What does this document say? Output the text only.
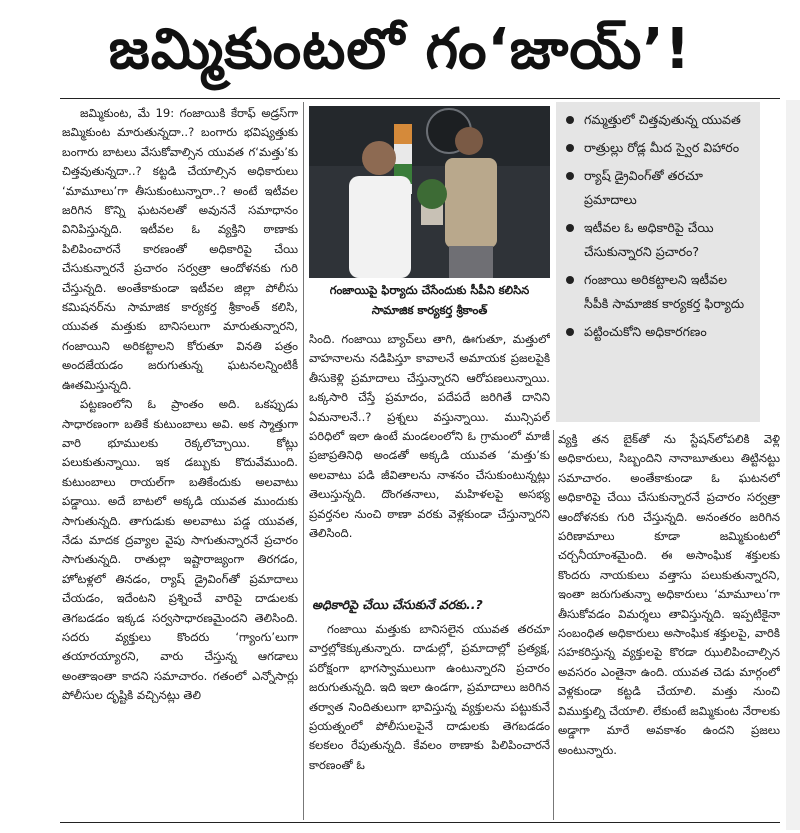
జమ్మికుంటలో గం‘జాయ్’!

జమ్మికుంట, మే 19: గంజాయికి కేరాఫ్ అడ్రస్‌గా జమ్మికుంట మారుతున్నదా..? బంగారు భవిష్యత్తుకు బంగారు బాటలు వేసుకోవాల్సిన యువత గ‘మత్తు’కు చిత్తవుతున్నదా..? కట్టడి చేయాల్సిన అధికారులు ‘మామూలు’గా తీసుకుంటున్నారా..? అంటే ఇటీవల జరిగిన కొన్ని ఘటనలతో అవుననే సమాధానం వినిపిస్తున్నది. ఇటీవల ఓ వ్యక్తిని ఠాణాకు పిలిపించారనే కారణంతో అధికారిపై చేయి చేసుకున్నారనే ప్రచారం సర్వత్రా ఆందోళనకు గురి చేస్తున్నది. అంతేకాకుండా ఇటీవల జిల్లా పోలీసు కమిషనర్‌ను సామాజిక కార్యకర్త శ్రీకాంత్ కలిసి, యువత మత్తుకు బానిసలుగా మారుతున్నారని, గంజాయిని అరికట్టాలని కోరుతూ వినతి పత్రం అందజేయడం జరుగుతున్న ఘటనలన్నింటికీ ఊతమిస్తున్నది.

పట్టణంలోని ఓ ప్రాంతం అది. ఒకప్పుడు సాధారణంగా బతికే కుటుంబాలు అవి. అక స్మాత్తుగా వారి భూములకు రెక్కలొచ్చాయి. కోట్లు పలుకుతున్నాయి. ఇక డబ్బుకు కొదువేముంది. కుటుంబాలు రాయల్‌గా బతికేందుకు అలవాటు పడ్డాయి. అదే బాటలో అక్కడి యువత ముందుకు సాగుతున్నది. తాగుడుకు అలవాటు పడ్డ యువత, నేడు మాదక ద్రవ్యాల వైపు సాగుతున్నారనే ప్రచారం సాగుతున్నది. రాతుల్లా ఇష్టారాజ్యంగా తిరగడం, హోటళ్లలో తినడం, ర్యాష్ డ్రైవింగ్‌తో ప్రమాదాలు చేయడం, ఇదేంటని ప్రశ్నించే వారిపై దాడులకు తెగబడడం ఇక్కడ సర్వసాధారణమైందని తెలిసింది. సదరు వ్యక్తులు కొందరు ‘గ్యాంగు’లుగా తయారయ్యారని, వారు చేస్తున్న ఆగడాలు అంతాఇంతా కాదని సమాచారం. గతంలో ఎన్నోసార్లు పోలీసుల దృష్టికి వచ్చినట్లు తెలి

గంజాయిపై ఫిర్యాదు చేసేందుకు సీపీని కలిసిన సామాజిక కార్యకర్త శ్రీకాంత్

సింది. గంజాయి బ్యాచ్‌లు తాగి, ఊగుతూ, మత్తులో వాహనాలను నడిపిస్తూ కావాలనే అమాయక ప్రజలపైకి తీసుకెళ్లి ప్రమాదాలు చేస్తున్నారని ఆరోపణలున్నాయి. ఒక్కసారి చేస్తే ప్రమాదం, పదేపదే జరిగితే దానిని ఏమనాలనే..? ప్రశ్నలు వస్తున్నాయి. మున్సిపల్ పరిధిలో ఇలా ఉంటే మండలంలోని ఓ గ్రామంలో మాజీ ప్రజాప్రతినిధి అండతో అక్కడి యువత ‘మత్తు’కు అలవాటు పడి జీవితాలను నాశనం చేసుకుంటున్నట్లు తెలుస్తున్నది. దొంగతనాలు, మహిళలపై అసభ్య ప్రవర్తనల నుంచి ఠాణా వరకు వెళ్లకుండా చేస్తున్నారని తెలిసింది.

అధికారిపై చేయి చేసుకునే వరకు..?

గంజాయి మత్తుకు బానిసలైన యువత తరచూ వార్తల్లోకెక్కుతున్నారు. దాడుల్లో, ప్రమాదాల్లో ప్రత్యక్ష, పరోక్షంగా భాగస్వాములుగా ఉంటున్నారని ప్రచారం జరుగుతున్నది. ఇది ఇలా ఉండగా, ప్రమాదాలు జరిగిన తర్వాత నిందితులుగా భావిస్తున్న వ్యక్తులను పట్టుకునే ప్రయత్నంలో పోలీసులపైనే దాడులకు తెగబడడం కలకలం రేపుతున్నది. కేవలం ఠాణాకు పిలిపించారనే కారణంతో ఓ

గమ్మత్తులో చిత్తవుతున్న యువత
రాత్రుల్లు రోడ్ల మీద స్వైర విహారం
ర్యాష్ డ్రైవింగ్‌తో తరచూ ప్రమాదాలు
ఇటీవల ఓ అధికారిపై చేయి చేసుకున్నారని ప్రచారం?
గంజాయి అరికట్టాలని ఇటీవల సీపీకి సామాజిక కార్యకర్త ఫిర్యాదు
పట్టించుకోని అధికారగణం

వ్యక్తి తన బైక్‌తో ను స్టేషన్‌లోపలికి వెళ్లి అధికారులు, సిబ్బందిని నానాబూతులు తిట్టినట్టు సమాచారం. అంతేకాకుండా ఓ ఘటనలో అధికారిపై చేయి చేసుకున్నారనే ప్రచారం సర్వత్రా ఆందోళనకు గురి చేస్తున్నది. అనంతరం జరిగిన పరిణామాలు కూడా జమ్మికుంటలో చర్చనీయాంశమైంది. ఈ అసాంఘిక శక్తులకు కొందరు నాయకులు వత్తాసు పలుకుతున్నారని, ఇంతా జరుగుతున్నా అధికారులు ‘మామూలు’గా తీసుకోవడం విమర్శలు తావిస్తున్నది. ఇప్పటికైనా సంబంధిత అధికారులు అసాంఘిక శక్తులపై, వారికి సహకరిస్తున్న వ్యక్తులపై కొరడా ఝులిపించాల్సిన అవసరం ఎంతైనా ఉంది. యువత చెడు మార్గంలో వెళ్లకుండా కట్టడి చేయాలి. మత్తు నుంచి విముక్తుల్ని చేయాలి. లేకుంటే జమ్మికుంట నేరాలకు అడ్డాగా మారే అవకాశం ఉందని ప్రజలు అంటున్నారు.
